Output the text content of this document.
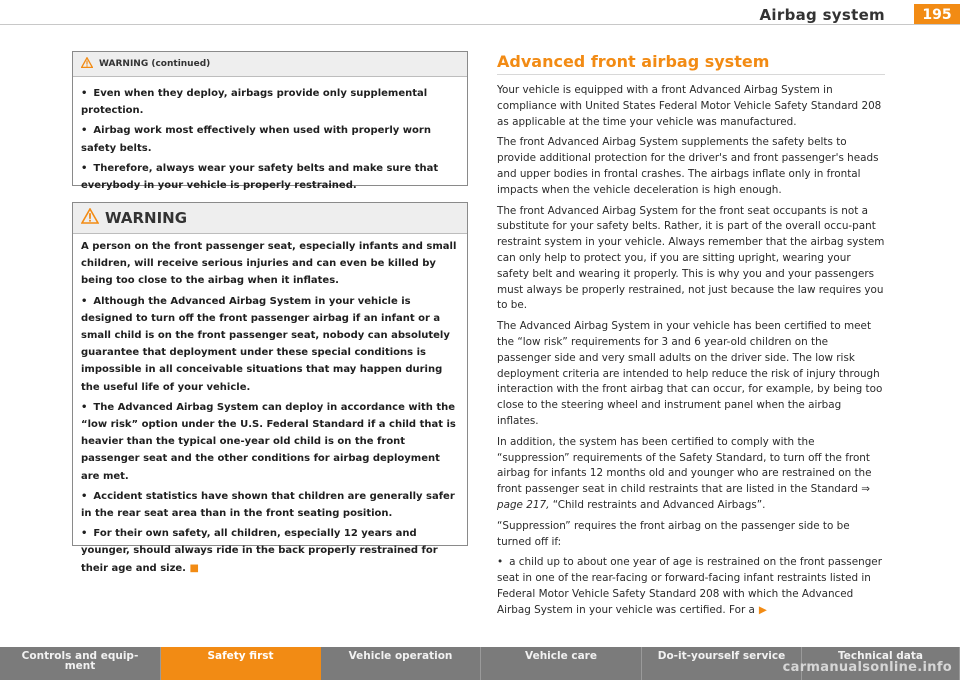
Airbag system	195
WARNING (continued)

• Even when they deploy, airbags provide only supplemental protection.

• Airbag work most effectively when used with properly worn safety belts.

• Therefore, always wear your safety belts and make sure that everybody in your vehicle is properly restrained.

WARNING

A person on the front passenger seat, especially infants and small children, will receive serious injuries and can even be killed by being too close to the airbag when it inflates.

• Although the Advanced Airbag System in your vehicle is designed to turn off the front passenger airbag if an infant or a small child is on the front passenger seat, nobody can absolutely guarantee that deployment under these special conditions is impossible in all conceivable situations that may happen during the useful life of your vehicle.

• The Advanced Airbag System can deploy in accordance with the “low risk” option under the U.S. Federal Standard if a child that is heavier than the typical one-year old child is on the front passenger seat and the other conditions for airbag deployment are met.

• Accident statistics have shown that children are generally safer in the rear seat area than in the front seating position.

• For their own safety, all children, especially 12 years and younger, should always ride in the back properly restrained for their age and size. ■

Advanced front airbag system

Your vehicle is equipped with a front Advanced Airbag System in compliance with United States Federal Motor Vehicle Safety Standard 208 as applicable at the time your vehicle was manufactured.

The front Advanced Airbag System supplements the safety belts to provide additional protection for the driver's and front passenger's heads and upper bodies in frontal crashes. The airbags inflate only in frontal impacts when the vehicle deceleration is high enough.

The front Advanced Airbag System for the front seat occupants is not a substitute for your safety belts. Rather, it is part of the overall occu-pant restraint system in your vehicle. Always remember that the airbag system can only help to protect you, if you are sitting upright, wearing your safety belt and wearing it properly. This is why you and your passengers must always be properly restrained, not just because the law requires you to be.

The Advanced Airbag System in your vehicle has been certified to meet the “low risk” requirements for 3 and 6 year-old children on the passenger side and very small adults on the driver side. The low risk deployment criteria are intended to help reduce the risk of injury through interaction with the front airbag that can occur, for example, by being too close to the steering wheel and instrument panel when the airbag inflates.

In addition, the system has been certified to comply with the “suppression” requirements of the Safety Standard, to turn off the front airbag for infants 12 months old and younger who are restrained on the front passenger seat in child restraints that are listed in the Standard ⇒ page 217, “Child restraints and Advanced Airbags”.

“Suppression” requires the front airbag on the passenger side to be turned off if:

• a child up to about one year of age is restrained on the front passenger seat in one of the rear-facing or forward-facing infant restraints listed in Federal Motor Vehicle Safety Standard 208 with which the Advanced Airbag System in your vehicle was certified. For a ▶

Controls and equip-
ment
Safety first	Vehicle operation	Vehicle care	Do-it-yourself service	Technical data
carmanualsonline.info
